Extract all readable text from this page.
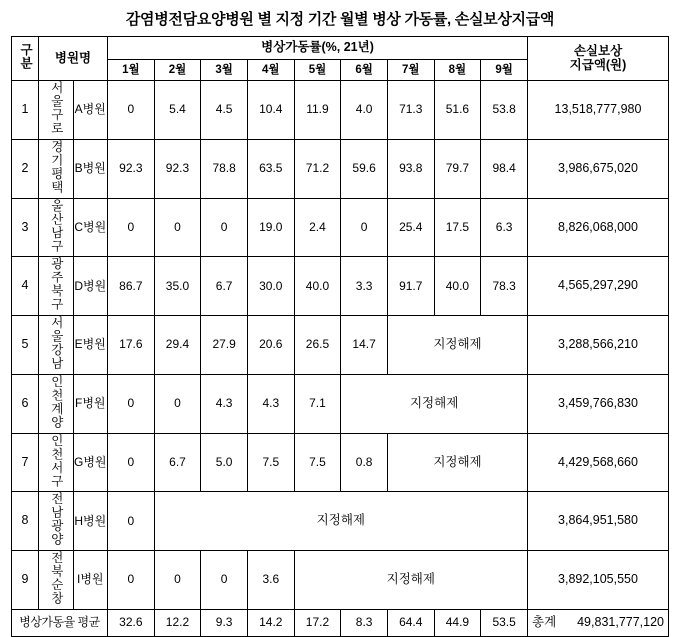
감염병전담요양병원 별 지정 기간 월별 병상 가동률, 손실보상지급액
구분	병원명		병상가동률(%, 21년)									손실보상
지급액(원)

			1월	2월	3월	4월	5월	6월	7월	8월	9월	
1	서울구로	A병원	0	5.4	4.5	10.4	11.9	4.0	71.3	51.6	53.8	13,518,777,980
2	경기평택	B병원	92.3	92.3	78.8	63.5	71.2	59.6	93.8	79.7	98.4	3,986,675,020
3	울산남구	C병원	0	0	0	19.0	2.4	0	25.4	17.5	6.3	8,826,068,000
4	광주북구	D병원	86.7	35.0	6.7	30.0	40.0	3.3	91.7	40.0	78.3	4,565,297,290
5	서울강남	E병원	17.6	29.4	27.9	20.6	26.5	14.7	지정해제			3,288,566,210
6	인천계양	F병원	0	0	4.3	4.3	7.1	지정해제				3,459,766,830
7	인천서구	G병원	0	6.7	5.0	7.5	7.5	0.8	지정해제			4,429,568,660
8	전남광양	H병원	0	지정해제								3,864,951,580
9	전북순창	I병원	0	0	0	3.6	지정해제					3,892,105,550
병상가동율 평균			32.6	12.2	9.3	14.2	17.2	8.3	64.4	44.9	53.5	총계 49,831,777,120
